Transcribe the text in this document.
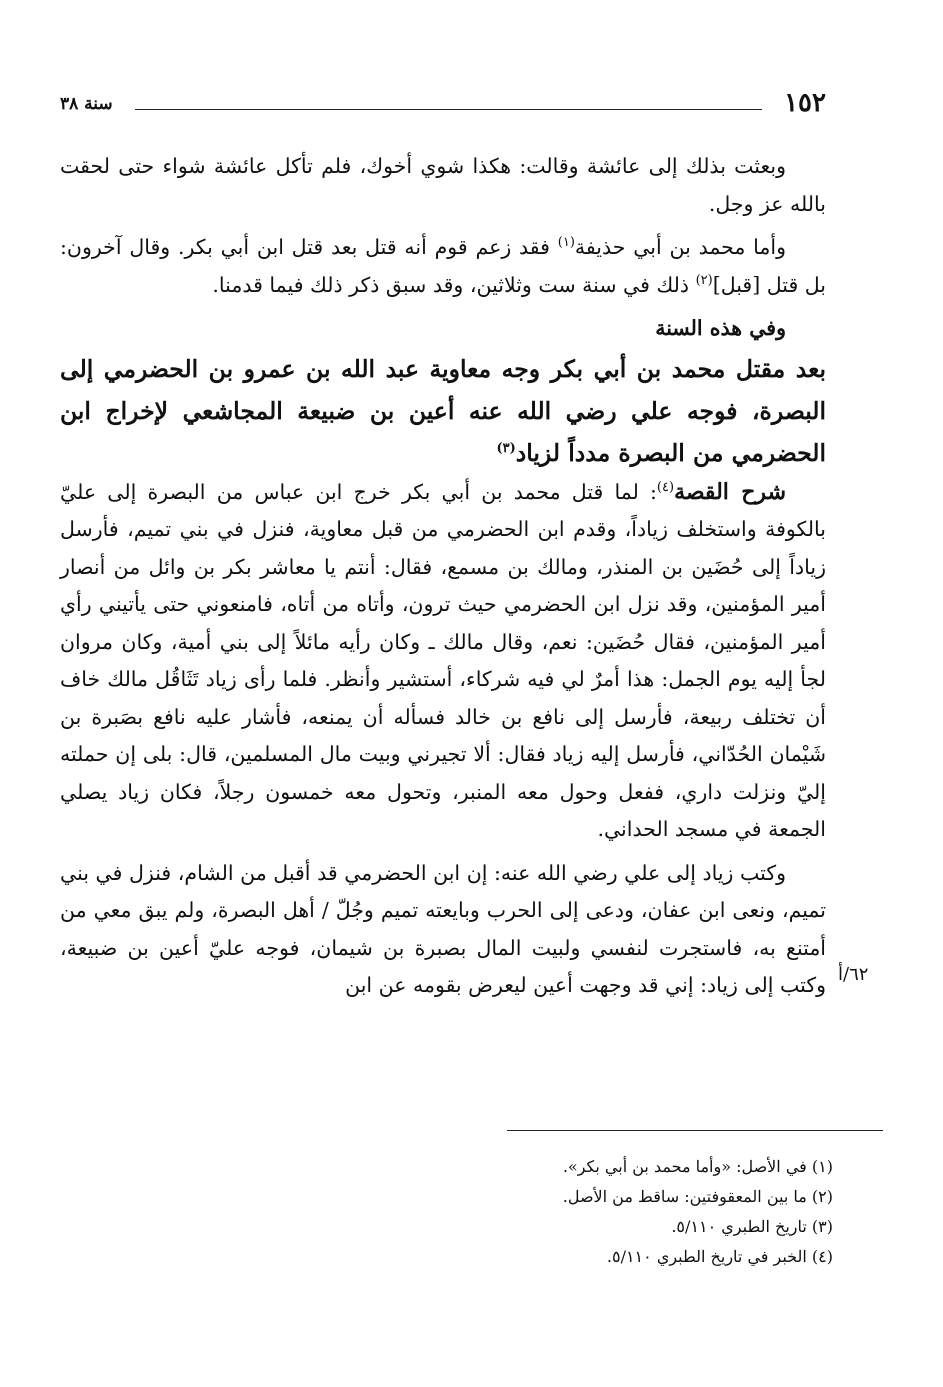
١٥٢
سنة ٣٨

وبعثت بذلك إلى عائشة وقالت: هكذا شوي أخوك، فلم تأكل عائشة شواء حتى لحقت بالله عز وجل.

وأما محمد بن أبي حذيفة$^{(١)}$ فقد زعم قوم أنه قتل بعد قتل ابن أبي بكر. وقال آخرون: بل قتل [قبل]$^{(٢)}$ ذلك في سنة ست وثلاثين، وقد سبق ذكر ذلك فيما قدمنا.

وفي هذه السنة

بعد مقتل محمد بن أبي بكر وجه معاوية عبد الله بن عمرو بن الحضرمي إلى البصرة، فوجه علي رضي الله عنه أعين بن ضبيعة المجاشعي لإخراج ابن الحضرمي من البصرة مدداً لزياد$^{(٣)}$

شرح القصة$^{(٤)}$: لما قتل محمد بن أبي بكر خرج ابن عباس من البصرة إلى عليّ بالكوفة واستخلف زياداً، وقدم ابن الحضرمي من قبل معاوية، فنزل في بني تميم، فأرسل زياداً إلى حُضَين بن المنذر، ومالك بن مسمع، فقال: أنتم يا معاشر بكر بن وائل من أنصار أمير المؤمنين، وقد نزل ابن الحضرمي حيث ترون، وأتاه من أتاه، فامنعوني حتى يأتيني رأي أمير المؤمنين، فقال حُضَين: نعم، وقال مالك ـ وكان رأيه مائلاً إلى بني أمية، وكان مروان لجأ إليه يوم الجمل: هذا أمرٌ لي فيه شركاء، أستشير وأنظر. فلما رأى زياد تَثَاقُل مالك خاف أن تختلف ربيعة، فأرسل إلى نافع بن خالد فسأله أن يمنعه، فأشار عليه نافع بصَبرة بن شَيْمان الحُدّاني، فأرسل إليه زياد فقال: ألا تجيرني وبيت مال المسلمين، قال: بلى إن حملته إليّ ونزلت داري، ففعل وحول معه المنبر، وتحول معه خمسون رجلاً، فكان زياد يصلي الجمعة في مسجد الحداني.

وكتب زياد إلى علي رضي الله عنه: إن ابن الحضرمي قد أقبل من الشام، فنزل في بني تميم، ونعى ابن عفان، ودعى إلى الحرب وبايعته تميم وجُلّ / أهل البصرة، ولم يبق معي من أمتنع به، فاستجرت لنفسي ولبيت المال بصبرة بن شيمان، فوجه عليّ أعين بن ضبيعة، وكتب إلى زياد: إني قد وجهت أعين ليعرض بقومه عن ابن ٦٢/أ
(١) في الأصل: «وأما محمد بن أبي بكر».
(٢) ما بين المعقوفتين: ساقط من الأصل.
(٣) تاريخ الطبري ٥/١١٠.
(٤) الخبر في تاريخ الطبري ٥/١١٠.
